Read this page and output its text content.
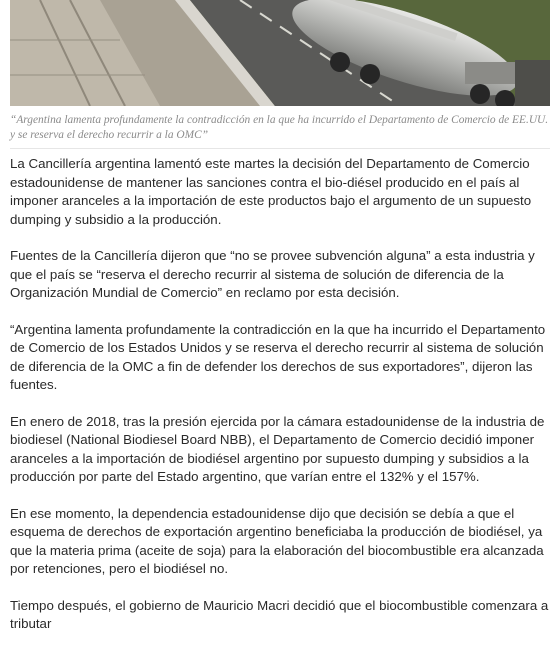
“Argentina lamenta profundamente la contradicción en la que ha incurrido el Departamento de Comercio de EE.UU. y se reserva el derecho recurrir a la OMC”

La Cancillería argentina lamentó este martes la decisión del Departamento de Comercio estadounidense de mantener las sanciones contra el bio-diésel producido en el país al imponer aranceles a la importación de este productos bajo el argumento de un supuesto dumping y subsidio a la producción.

Fuentes de la Cancillería dijeron que “no se provee subvención alguna” a esta industria y que el país se “reserva el derecho recurrir al sistema de solución de diferencia de la Organización Mundial de Comercio” en reclamo por esta decisión.

“Argentina lamenta profundamente la contradicción en la que ha incurrido el Departamento de Comercio de los Estados Unidos y se reserva el derecho recurrir al sistema de solución de diferencia de la OMC a fin de defender los derechos de sus exportadores”, dijeron las fuentes.

En enero de 2018, tras la presión ejercida por la cámara estadounidense de la industria de biodiesel (National Biodiesel Board NBB), el Departamento de Comercio decidió imponer aranceles a la importación de biodiésel argentino por supuesto dumping y subsidios a la producción por parte del Estado argentino, que varían entre el 132% y el 157%.

En ese momento, la dependencia estadounidense dijo que decisión se debía a que el esquema de derechos de exportación argentino beneficiaba la producción de biodiésel, ya que la materia prima (aceite de soja) para la elaboración del biocombustible era alcanzada por retenciones, pero el biodiésel no.

Tiempo después, el gobierno de Mauricio Macri decidió que el biocombustible comenzara a tributar
